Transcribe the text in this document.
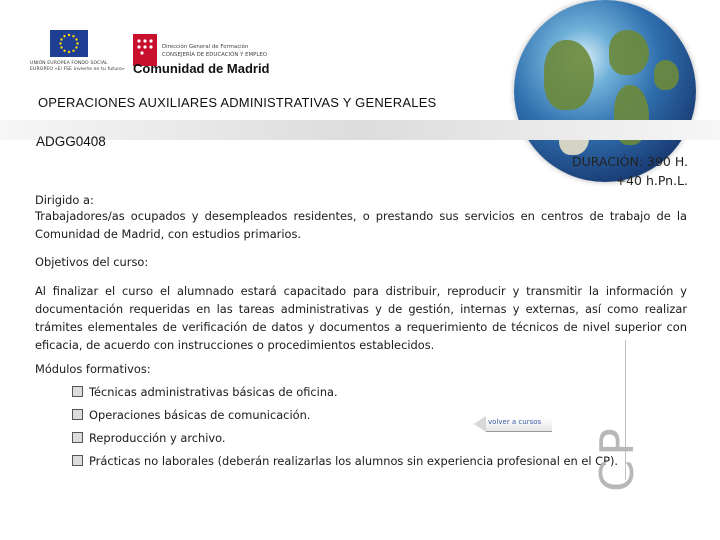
UNIÓN EUROPEA FONDO SOCIAL EUROPEO «El FSE invierte en tu futuro»
Dirección General de Formación
CONSEJERÍA DE EDUCACIÓN Y EMPLEO
Comunidad de Madrid
OPERACIONES AUXILIARES ADMINISTRATIVAS Y GENERALES
ADGG0408
DURACIÓN: 390 H.
+40 h.Pn.L.
Dirigido a:
Trabajadores/as ocupados y desempleados residentes, o prestando sus servicios en centros de trabajo de la Comunidad de Madrid, con estudios primarios.
Objetivos del curso:
Al finalizar el curso el alumnado estará capacitado para distribuir, reproducir y transmitir la información y documentación requeridas en las tareas administrativas y de gestión, internas y externas, así como realizar trámites elementales de verificación de datos y documentos a requerimiento de técnicos de nivel superior con eficacia, de acuerdo con instrucciones o procedimientos establecidos.
Módulos formativos:
Técnicas administrativas básicas de oficina.
Operaciones básicas de comunicación.
Reproducción y archivo.
Prácticas no laborales (deberán realizarlas los alumnos sin experiencia profesional en el CP).
CP
volver a cursos
